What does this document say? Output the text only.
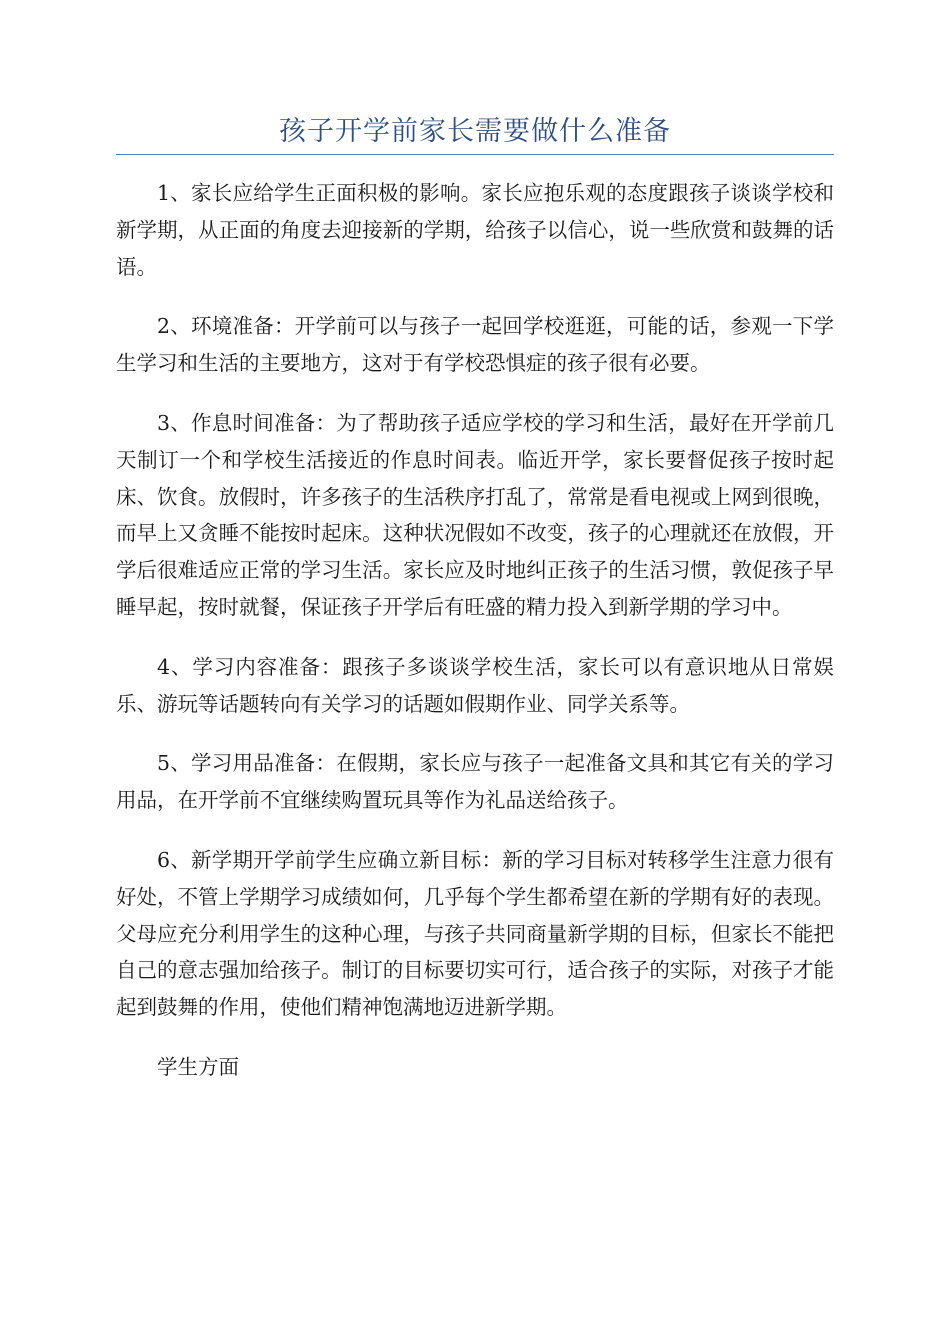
孩子开学前家长需要做什么准备

1、家长应给学生正面积极的影响。家长应抱乐观的态度跟孩子谈谈学校和新学期，从正面的角度去迎接新的学期，给孩子以信心，说一些欣赏和鼓舞的话语。

2、环境准备：开学前可以与孩子一起回学校逛逛，可能的话，参观一下学生学习和生活的主要地方，这对于有学校恐惧症的孩子很有必要。

3、作息时间准备：为了帮助孩子适应学校的学习和生活，最好在开学前几天制订一个和学校生活接近的作息时间表。临近开学，家长要督促孩子按时起床、饮食。放假时，许多孩子的生活秩序打乱了，常常是看电视或上网到很晚，而早上又贪睡不能按时起床。这种状况假如不改变，孩子的心理就还在放假，开学后很难适应正常的学习生活。家长应及时地纠正孩子的生活习惯，敦促孩子早睡早起，按时就餐，保证孩子开学后有旺盛的精力投入到新学期的学习中。

4、学习内容准备：跟孩子多谈谈学校生活，家长可以有意识地从日常娱乐、游玩等话题转向有关学习的话题如假期作业、同学关系等。

5、学习用品准备：在假期，家长应与孩子一起准备文具和其它有关的学习用品，在开学前不宜继续购置玩具等作为礼品送给孩子。

6、新学期开学前学生应确立新目标：新的学习目标对转移学生注意力很有好处，不管上学期学习成绩如何，几乎每个学生都希望在新的学期有好的表现。父母应充分利用学生的这种心理，与孩子共同商量新学期的目标，但家长不能把自己的意志强加给孩子。制订的目标要切实可行，适合孩子的实际，对孩子才能起到鼓舞的作用，使他们精神饱满地迈进新学期。

学生方面
